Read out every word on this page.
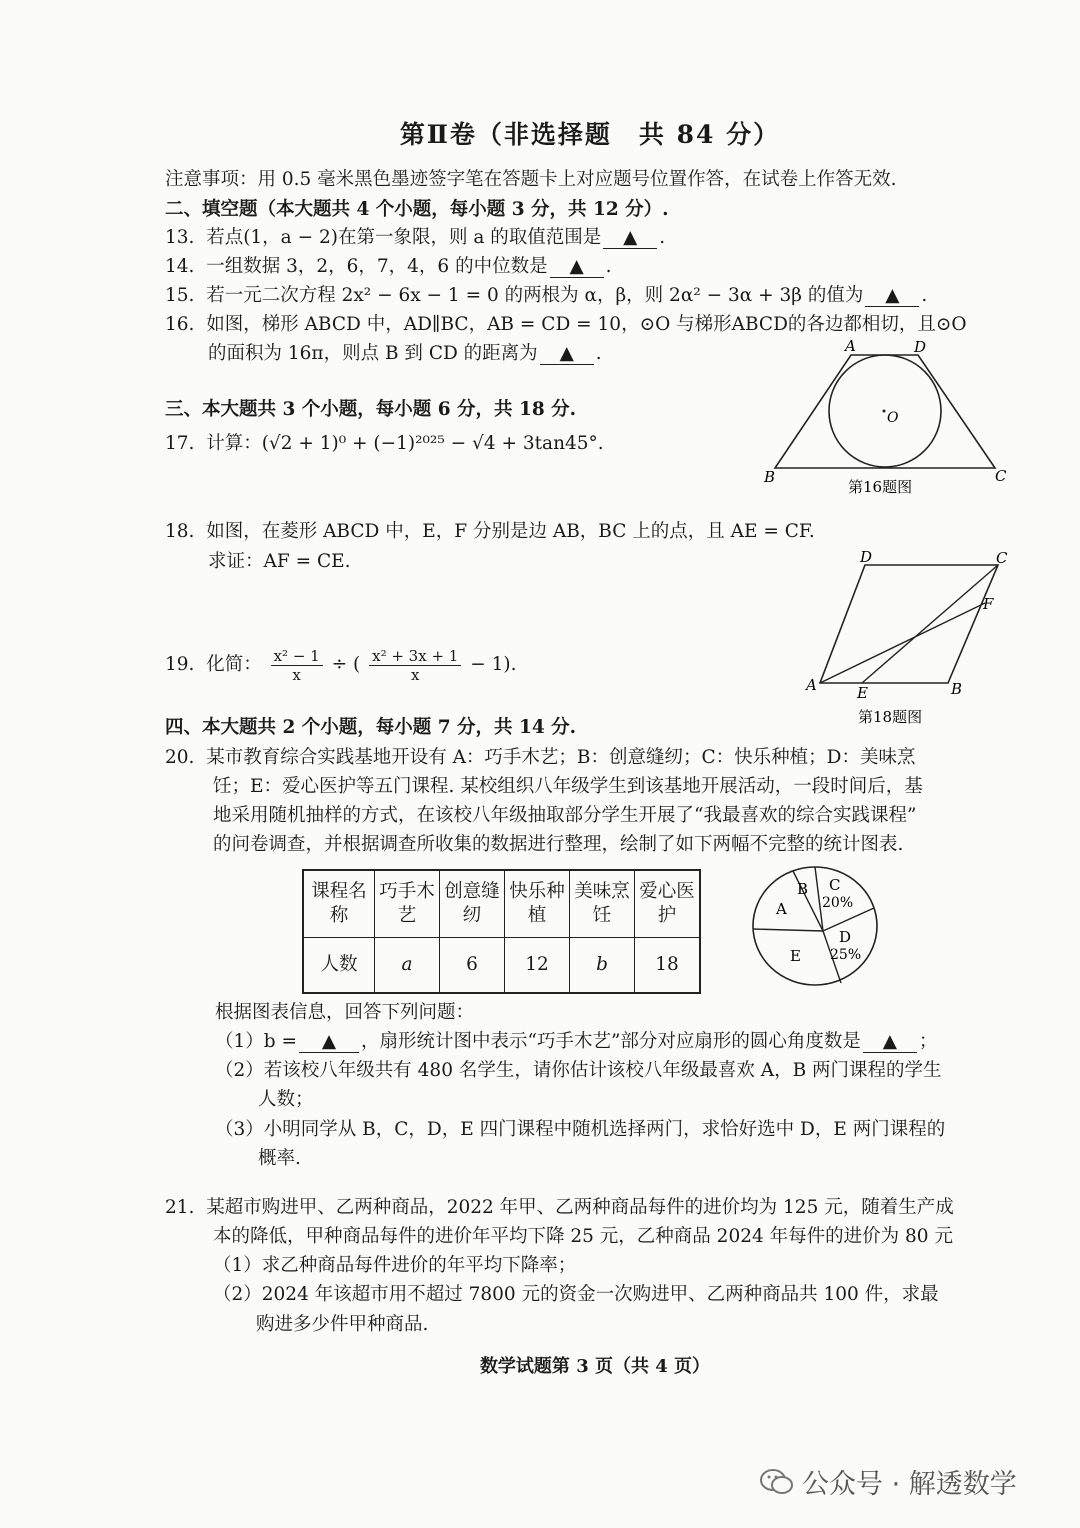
第Ⅱ卷（非选择题　共 84 分）
注意事项：用 0.5 毫米黑色墨迹签字笔在答题卡上对应题号位置作答，在试卷上作答无效.
二、填空题（本大题共 4 个小题，每小题 3 分，共 12 分）.
13. 若点(1，a − 2)在第一象限，则 a 的取值范围是 ▲ .
14. 一组数据 3，2，6，7，4，6 的中位数是 ▲ .
15. 若一元二次方程 2x² − 6x − 1 = 0 的两根为 α，β，则 2α² − 3α + 3β 的值为 ▲ .
16. 如图，梯形 ABCD 中，AD∥BC，AB = CD = 10，⊙O 与梯形ABCD的各边都相切，且⊙O
的面积为 16π，则点 B 到 CD 的距离为 ▲ .	A	D
B	C
O
第16题图
三、本大题共 3 个小题，每小题 6 分，共 18 分.
17. 计算：(√2 + 1)⁰ + (−1)²⁰²⁵ − √4 + 3tan45°.
18. 如图，在菱形 ABCD 中，E，F 分别是边 AB，BC 上的点，且 AE = CF.
求证：AF = CE.	D	C
F
A	E	B
第18题图
19. 化简： $\frac{\text{x² − 1}}{x}$ ÷ ( $\frac{\text{x² + 3x + 1}}{x} - 1$).
四、本大题共 2 个小题，每小题 7 分，共 14 分.
20. 某市教育综合实践基地开设有 A：巧手木艺；B：创意缝纫；C：快乐种植；D：美味烹
饪；E：爱心医护等五门课程. 某校组织八年级学生到该基地开展活动，一段时间后，基
地采用随机抽样的方式，在该校八年级抽取部分学生开展了“我最喜欢的综合实践课程”
的问卷调查，并根据调查所收集的数据进行整理，绘制了如下两幅不完整的统计图表.
课程名称	巧手木艺	创意缝纫	快乐种植	美味烹饪	爱心医护
人数	a	6	12	b	18
A
B C
20%
D
25%
E
根据图表信息，回答下列问题：
（1）b = ▲ ，扇形统计图中表示“巧手木艺”部分对应扇形的圆心角度数是 ▲ ；
（2）若该校八年级共有 480 名学生，请你估计该校八年级最喜欢 A，B 两门课程的学生
人数；
（3）小明同学从 B，C，D，E 四门课程中随机选择两门，求恰好选中 D，E 两门课程的
概率.
21. 某超市购进甲、乙两种商品，2022 年甲、乙两种商品每件的进价均为 125 元，随着生产成
本的降低，甲种商品每件的进价年平均下降 25 元，乙种商品 2024 年每件的进价为 80 元
（1）求乙种商品每件进价的年平均下降率；
（2）2024 年该超市用不超过 7800 元的资金一次购进甲、乙两种商品共 100 件，求最
购进多少件甲种商品.
数学试题第 3 页（共 4 页）
公众号 · 解透数学
